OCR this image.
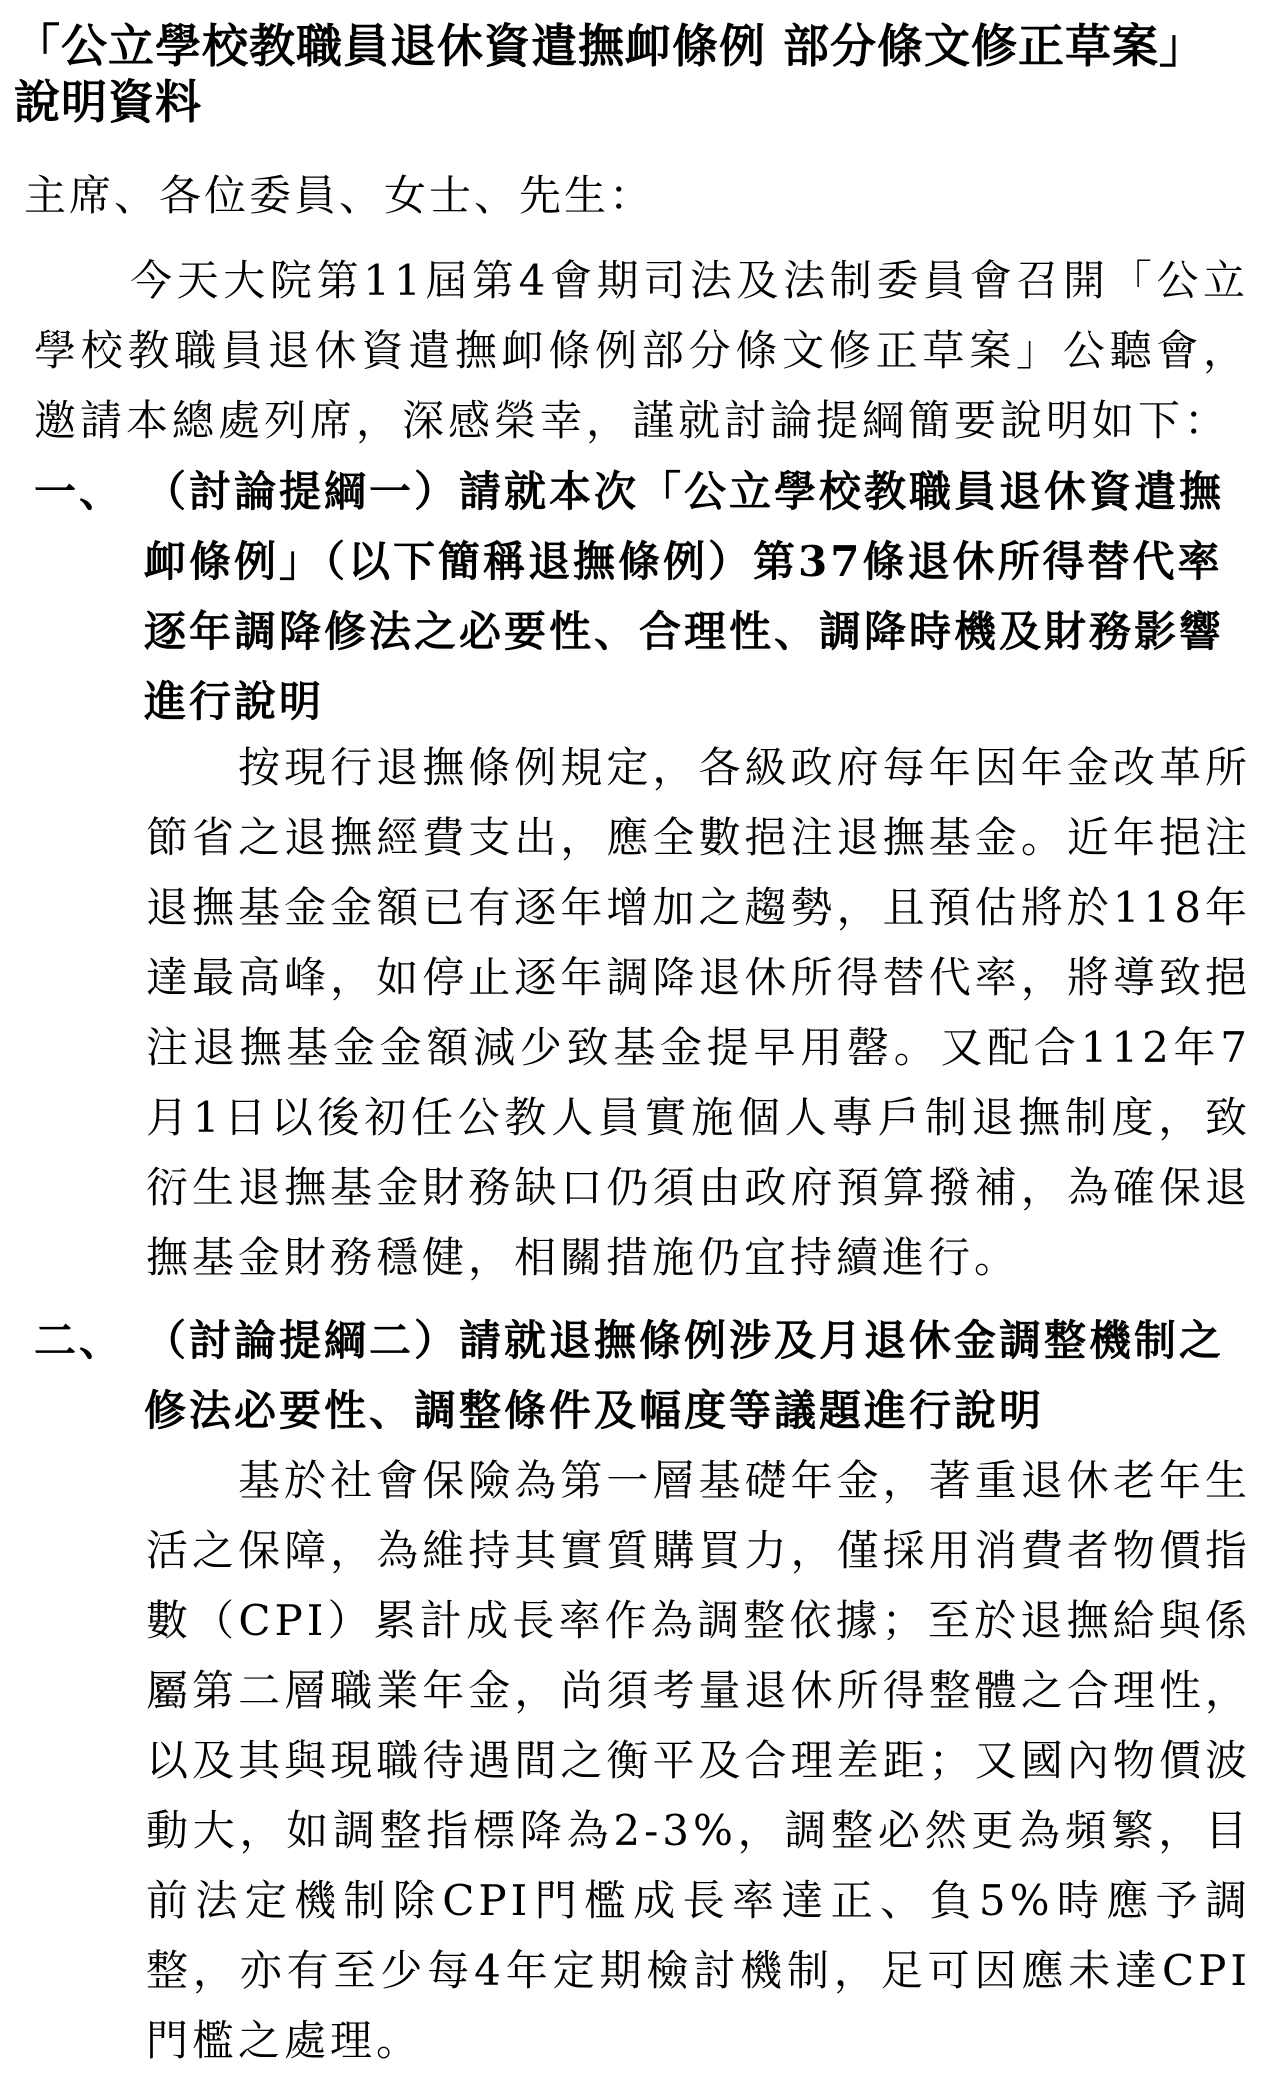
「公立學校教職員退休資遣撫卹條例 部分條文修正草案」
說明資料
主席、各位委員、女士、先生：
今天大院第11屆第4會期司法及法制委員會召開「公立學校教職員退休資遣撫卹條例部分條文修正草案」公聽會，邀請本總處列席，深感榮幸，謹就討論提綱簡要說明如下：
一、 （討論提綱一）請就本次「公立學校教職員退休資遣撫卹條例」（以下簡稱退撫條例）第37條退休所得替代率逐年調降修法之必要性、合理性、調降時機及財務影響進行說明
按現行退撫條例規定，各級政府每年因年金改革所節省之退撫經費支出，應全數挹注退撫基金。近年挹注退撫基金金額已有逐年增加之趨勢，且預估將於118年達最高峰，如停止逐年調降退休所得替代率，將導致挹注退撫基金金額減少致基金提早用罄。又配合112年7月1日以後初任公教人員實施個人專戶制退撫制度，致衍生退撫基金財務缺口仍須由政府預算撥補，為確保退撫基金財務穩健，相關措施仍宜持續進行。
二、 （討論提綱二）請就退撫條例涉及月退休金調整機制之修法必要性、調整條件及幅度等議題進行說明
基於社會保險為第一層基礎年金，著重退休老年生活之保障，為維持其實質購買力，僅採用消費者物價指數（CPI）累計成長率作為調整依據；至於退撫給與係屬第二層職業年金，尚須考量退休所得整體之合理性，以及其與現職待遇間之衡平及合理差距；又國內物價波動大，如調整指標降為2-3%，調整必然更為頻繁，目前法定機制除CPI門檻成長率達正、負5%時應予調整，亦有至少每4年定期檢討機制，足可因應未達CPI門檻之處理。
